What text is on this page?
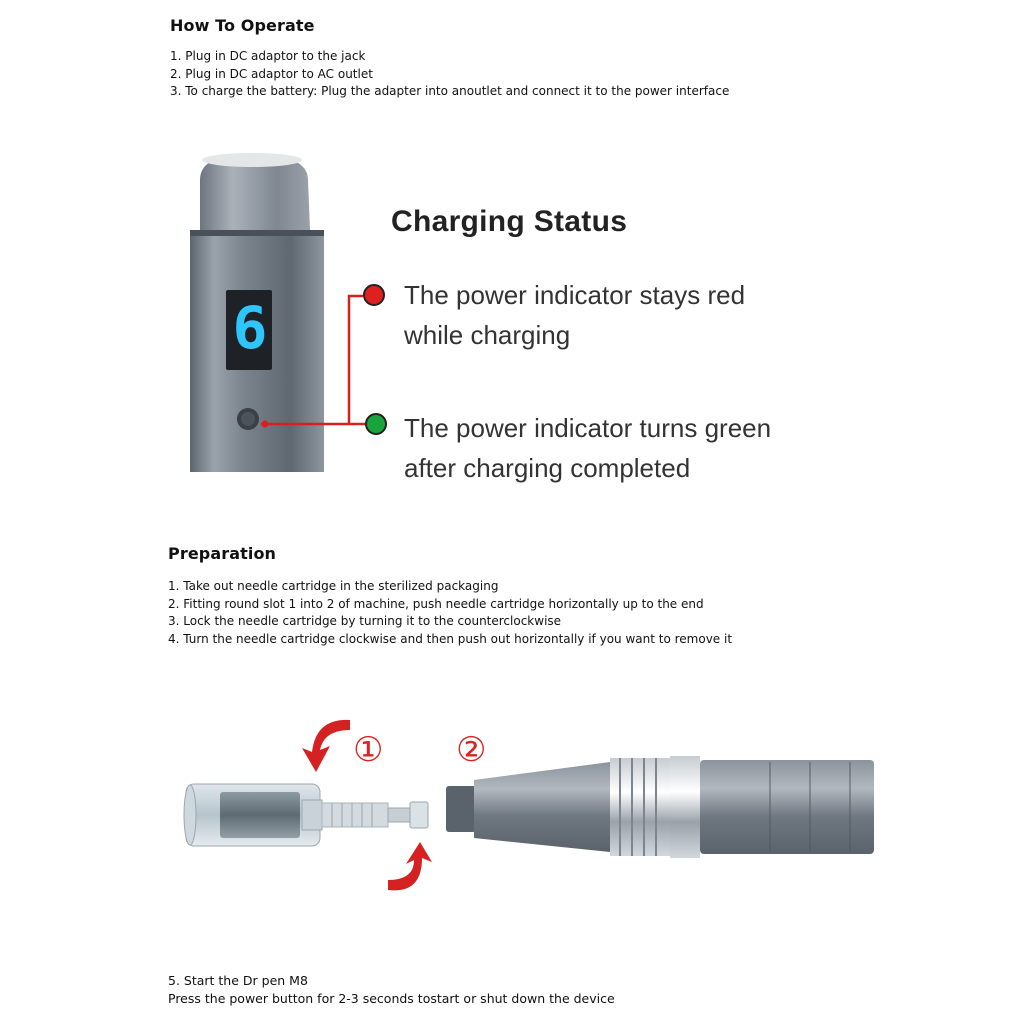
How To Operate

1. Plug in DC adaptor to the jack

2. Plug in DC adaptor to AC outlet

3. To charge the battery: Plug the adapter into anoutlet and connect it to the power interface

6
Charging Status
The power indicator stays red
while charging
The power indicator turns green
after charging completed
Preparation

1. Take out needle cartridge in the sterilized packaging

2. Fitting round slot 1 into 2 of machine, push needle cartridge horizontally up to the end

3. Lock the needle cartridge by turning it to the counterclockwise

4. Turn the needle cartridge clockwise and then push out horizontally if you want to remove it

① ②

5. Start the Dr pen M8

Press the power button for 2-3 seconds tostart or shut down the device
